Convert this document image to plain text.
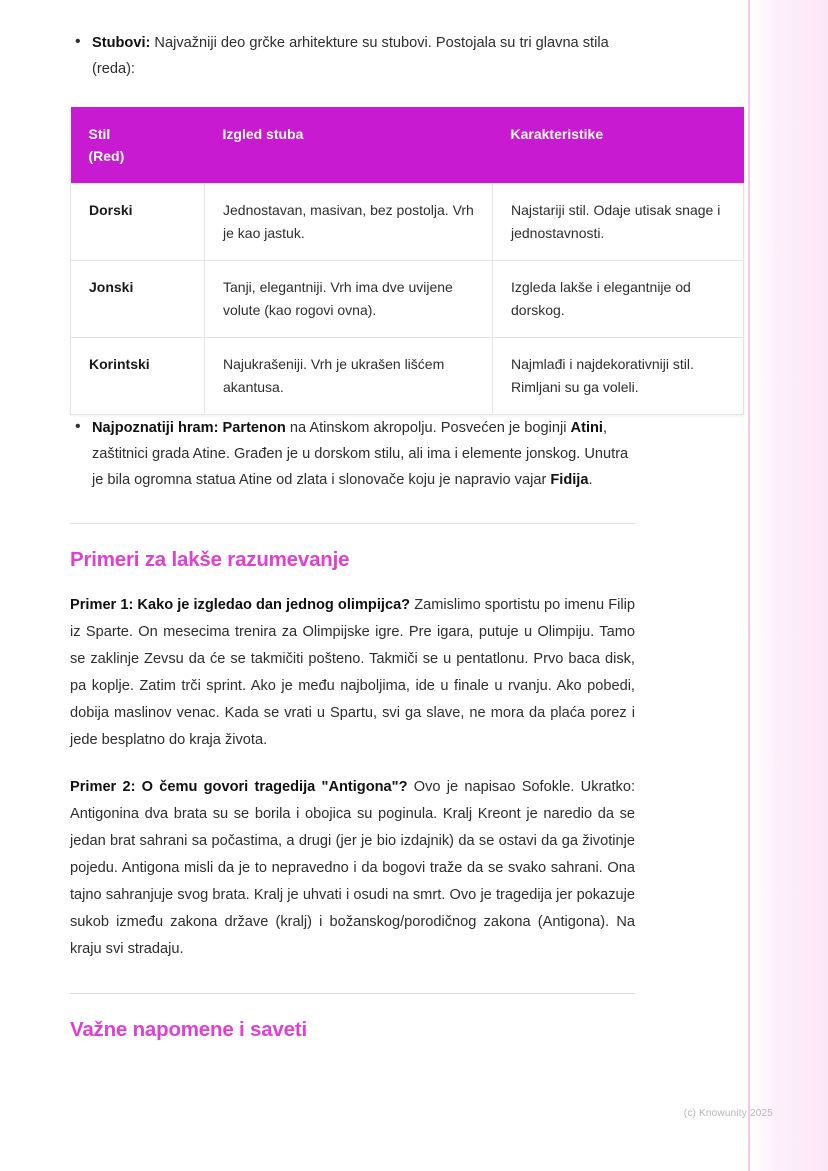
• Stubovi: Najvažniji deo grčke arhitekture su stubovi. Postojala su tri glavna stila (reda):
Stil
(Red)	Izgled stuba	Karakteristike
Dorski	Jednostavan, masivan, bez postolja. Vrh je kao jastuk.	Najstariji stil. Odaje utisak snage i jednostavnosti.
Jonski	Tanji, elegantniji. Vrh ima dve uvijene volute (kao rogovi ovna).	Izgleda lakše i elegantnije od dorskog.
Korintski	Najukrašeniji. Vrh je ukrašen lišćem akantusa.	Najmlađi i najdekorativniji stil. Rimljani su ga voleli.
• Najpoznatiji hram: Partenon na Atinskom akropolju. Posvećen je boginji Atini, zaštitnici grada Atine. Građen je u dorskom stilu, ali ima i elemente jonskog. Unutra je bila ogromna statua Atine od zlata i slonovače koju je napravio vajar Fidija.
Primeri za lakše razumevanje

Primer 1: Kako je izgledao dan jednog olimpijca? Zamislimo sportistu po imenu Filip iz Sparte. On mesecima trenira za Olimpijske igre. Pre igara, putuje u Olimpiju. Tamo se zaklinje Zevsu da će se takmičiti pošteno. Takmiči se u pentatlonu. Prvo baca disk, pa koplje. Zatim trči sprint. Ako je među najboljima, ide u finale u rvanju. Ako pobedi, dobija maslinov venac. Kada se vrati u Spartu, svi ga slave, ne mora da plaća porez i jede besplatno do kraja života.

Primer 2: O čemu govori tragedija "Antigona"? Ovo je napisao Sofokle. Ukratko: Antigonina dva brata su se borila i obojica su poginula. Kralj Kreont je naredio da se jedan brat sahrani sa počastima, a drugi (jer je bio izdajnik) da se ostavi da ga životinje pojedu. Antigona misli da je to nepravedno i da bogovi traže da se svako sahrani. Ona tajno sahranjuje svog brata. Kralj je uhvati i osudi na smrt. Ovo je tragedija jer pokazuje sukob između zakona države (kralj) i božanskog/porodičnog zakona (Antigona). Na kraju svi stradaju.

Važne napomene i saveti
(c) Knowunity 2025
